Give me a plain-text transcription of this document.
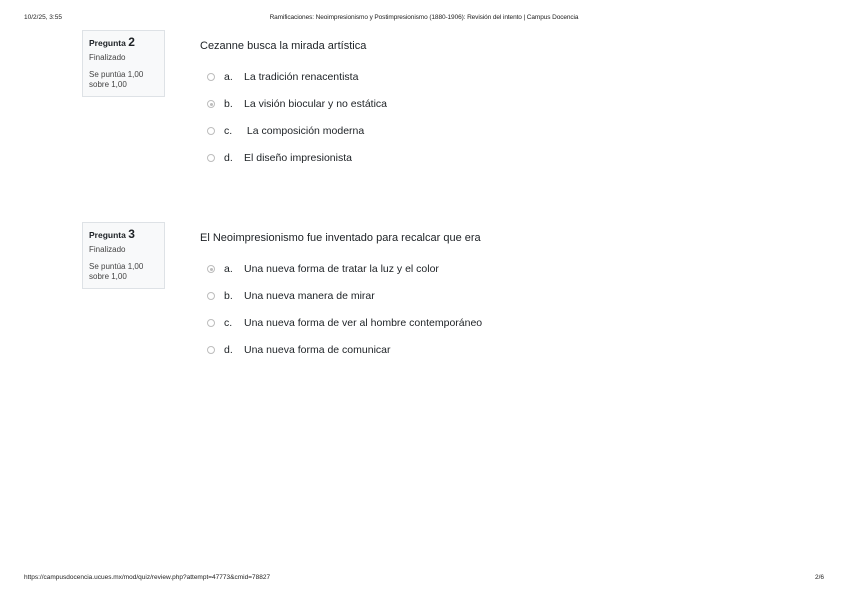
10/2/25, 3:55	Ramificaciones: Neoimpresionismo y Postimpresionismo (1880-1906): Revisión del intento | Campus Docencia
Pregunta 2
Finalizado
Se puntúa 1,00 sobre 1,00
Cezanne busca la mirada artística
a.	La tradición renacentista
b.	La visión biocular y no estática
c.	La composición moderna
d.	El diseño impresionista
Pregunta 3
Finalizado
Se puntúa 1,00 sobre 1,00
El Neoimpresionismo fue inventado para recalcar que era
a.	Una nueva forma de tratar la luz y el color
b.	Una nueva manera de mirar
c.	Una nueva forma de ver al hombre contemporáneo
d.	Una nueva forma de comunicar
https://campusdocencia.ucues.mx/mod/quiz/review.php?attempt=47773&cmid=78827	2/6
